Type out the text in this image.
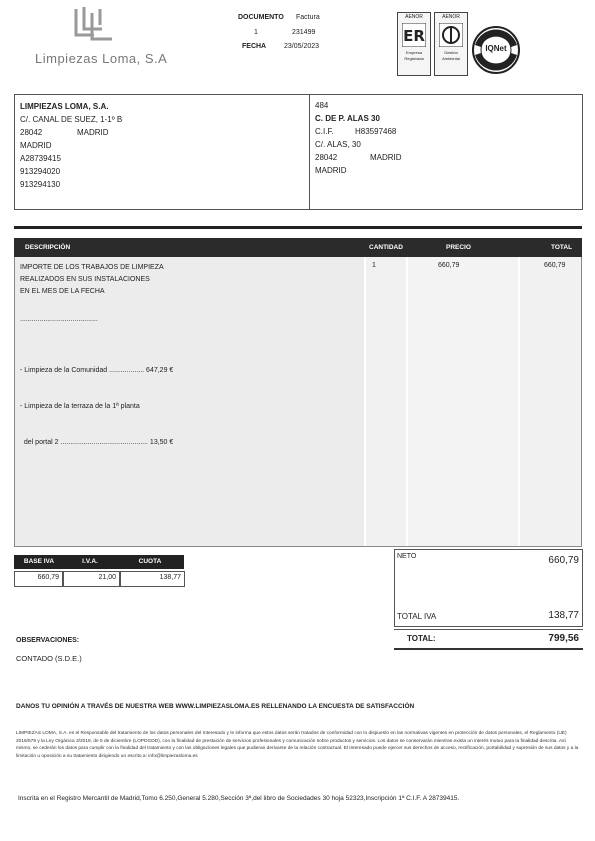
Limpiezas Loma, S.A
DOCUMENTO Factura
1	231499
FECHA	23/05/2023
AENOR
ER
Empresa
Registrada
AENOR
Gestión
Ambiental
IQNet
LIMPIEZAS LOMA, S.A.
C/. CANAL DE SUEZ, 1-1º B
28042	MADRID
MADRID
A28739415
913294020
913294130
484
C. DE P. ALAS 30
C.I.F.	H83597468
C/. ALAS, 30
28042	MADRID
MADRID
DESCRIPCIÓN	CANTIDAD	PRECIO	TOTAL
IMPORTE DE LOS TRABAJOS DE LIMPIEZA
REALIZADOS EN SUS INSTALACIONES
EN EL MES DE LA FECHA
........................................

- Limpieza de la Comunidad .................. 647,29 €

- Limpieza de la terraza de la 1ª planta

del portal 2 ............................................. 13,50 €

1	660,79	660,79
BASE IVA	I.V.A.	CUOTA
660,79	21,00	138,77
NETO	660,79
TOTAL IVA	138,77
TOTAL:	799,56
OBSERVACIONES:
CONTADO (S.D.E.)
DANOS TU OPINIÓN A TRAVÉS DE NUESTRA WEB WWW.LIMPIEZASLOMA.ES RELLENANDO LA ENCUESTA DE SATISFACCIÓN
LIMPIEZAS LOMA, S.A. es el Responsable del tratamiento de los datos personales del Interesado y le informa que estos datos serán tratados de conformidad con lo dispuesto en las normativas vigentes en protección de datos personales, el Reglamento (UE) 2016/679 y la Ley Orgánica 3/2018, de 5 de diciembre (LOPDGDD), con la finalidad de prestación de servicios profesionales y comunicación sobre productos y servicios. Los datos se conservarán mientras exista un interés mutuo para la finalidad descrita. Así mismo, se cederán los datos para cumplir con la finalidad del tratamiento y con las obligaciones legales que pudieran derivarse de la relación contractual. El Interesado puede ejercer sus derechos de acceso, rectificación, portabilidad y supresión de sus datos y a la limitación u oposición a su tratamiento dirigiendo un escrito a: info@limpiezasloma.es
Inscrita en el Registro Mercantil de Madrid,Tomo 6.250,General 5.280,Sección 3ª,del libro de Sociedades 30 hoja 52323,Inscripción 1ª C.I.F. A 28739415.
